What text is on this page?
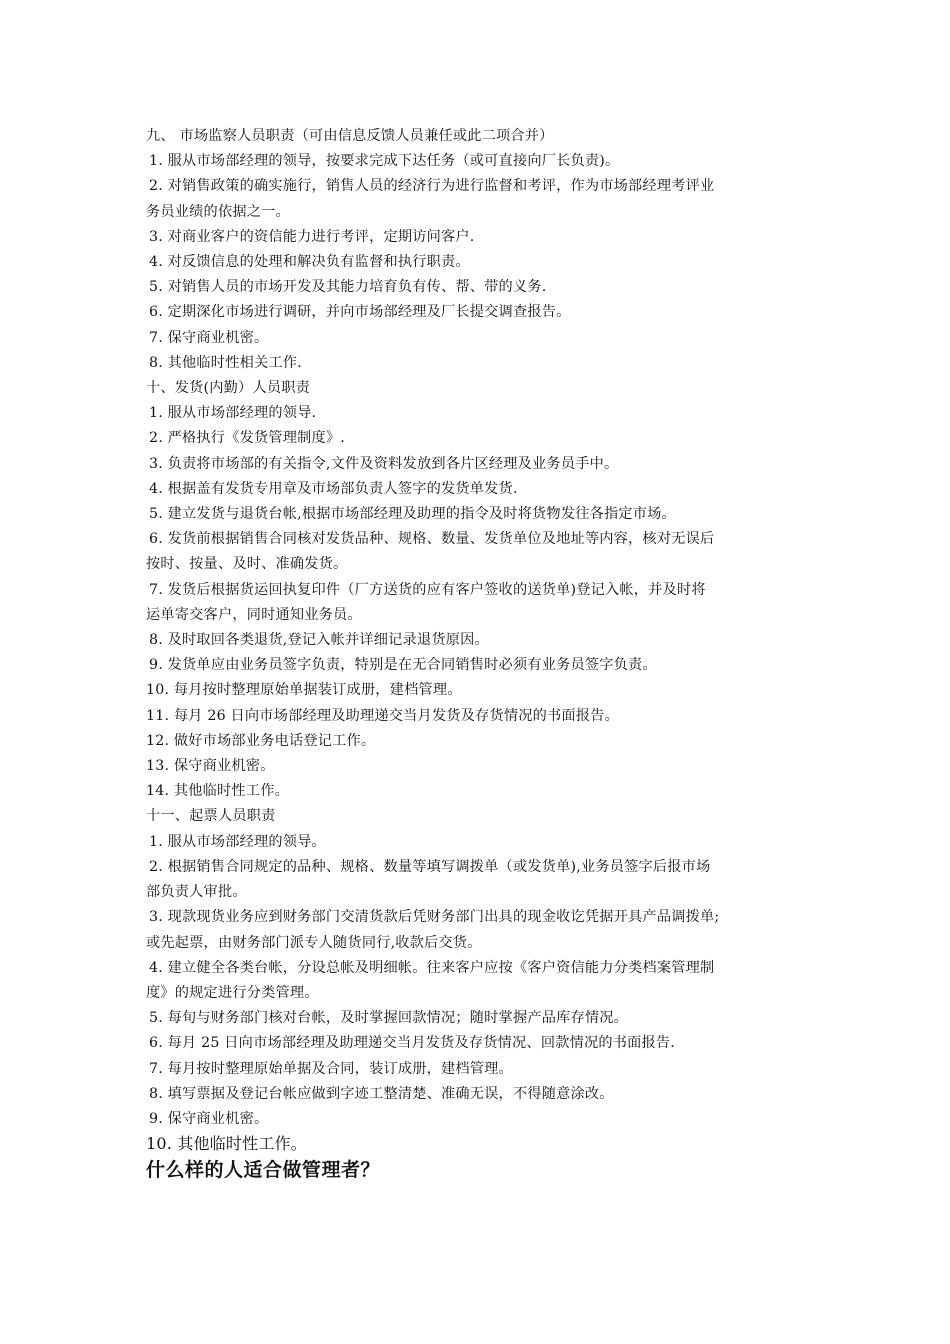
九、 市场监察人员职责（可由信息反馈人员兼任或此二项合并）
1. 服从市场部经理的领导，按要求完成下达任务（或可直接向厂长负责)。
2. 对销售政策的确实施行，销售人员的经济行为进行监督和考评，作为市场部经理考评业
务员业绩的依据之一。
3. 对商业客户的资信能力进行考评，定期访问客户.
4. 对反馈信息的处理和解决负有监督和执行职责。
5. 对销售人员的市场开发及其能力培育负有传、帮、带的义务.
6. 定期深化市场进行调研，并向市场部经理及厂长提交调查报告。
7. 保守商业机密。
8. 其他临时性相关工作.
十、发货(内勤）人员职责
1. 服从市场部经理的领导.
2. 严格执行《发货管理制度》.
3. 负责将市场部的有关指令,文件及资料发放到各片区经理及业务员手中。
4. 根据盖有发货专用章及市场部负责人签字的发货单发货.
5. 建立发货与退货台帐,根据市场部经理及助理的指令及时将货物发往各指定市场。
6. 发货前根据销售合同核对发货品种、规格、数量、发货单位及地址等内容，核对无误后
按时、按量、及时、准确发货。
7. 发货后根据货运回执复印件（厂方送货的应有客户签收的送货单)登记入帐，并及时将
运单寄交客户，同时通知业务员。
8. 及时取回各类退货,登记入帐并详细记录退货原因。
9. 发货单应由业务员签字负责，特别是在无合同销售时必须有业务员签字负责。
10. 每月按时整理原始单据装订成册，建档管理。
11. 每月 26 日向市场部经理及助理递交当月发货及存货情况的书面报告。
12. 做好市场部业务电话登记工作。
13. 保守商业机密。
14. 其他临时性工作。
十一、起票人员职责
1. 服从市场部经理的领导。
2. 根据销售合同规定的品种、规格、数量等填写调拨单（或发货单),业务员签字后报市场
部负责人审批。
3. 现款现货业务应到财务部门交清货款后凭财务部门出具的现金收讫凭据开具产品调拨单;
或先起票，由财务部门派专人随货同行,收款后交货。
4. 建立健全各类台帐，分设总帐及明细帐。往来客户应按《客户资信能力分类档案管理制
度》的规定进行分类管理。
5. 每旬与财务部门核对台帐，及时掌握回款情况；随时掌握产品库存情况。
6. 每月 25 日向市场部经理及助理递交当月发货及存货情况、回款情况的书面报告.
7. 每月按时整理原始单据及合同，装订成册，建档管理。
8. 填写票据及登记台帐应做到字迹工整清楚、准确无误，不得随意涂改。
9. 保守商业机密。
10. 其他临时性工作。
什么样的人适合做管理者？
